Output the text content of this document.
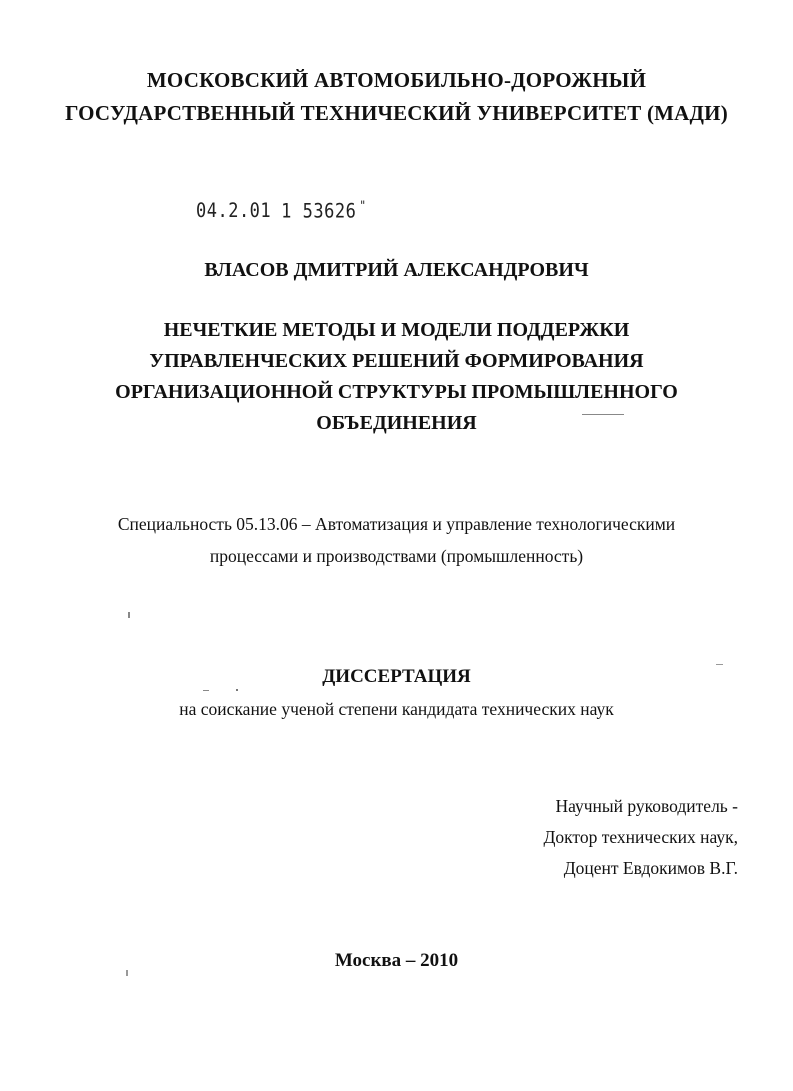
МОСКОВСКИЙ АВТОМОБИЛЬНО-ДОРОЖНЫЙ
ГОСУДАРСТВЕННЫЙ ТЕХНИЧЕСКИЙ УНИВЕРСИТЕТ (МАДИ)
04.2.01 1 53626 "
ВЛАСОВ ДМИТРИЙ АЛЕКСАНДРОВИЧ
НЕЧЕТКИЕ МЕТОДЫ И МОДЕЛИ ПОДДЕРЖКИ
УПРАВЛЕНЧЕСКИХ РЕШЕНИЙ ФОРМИРОВАНИЯ
ОРГАНИЗАЦИОННОЙ СТРУКТУРЫ ПРОМЫШЛЕННОГО
ОБЪЕДИНЕНИЯ
Специальность 05.13.06 – Автоматизация и управление технологическими
процессами и производствами (промышленность)
ДИССЕРТАЦИЯ
на соискание ученой степени кандидата технических наук
Научный руководитель -
Доктор технических наук,
Доцент Евдокимов В.Г.
Москва – 2010
